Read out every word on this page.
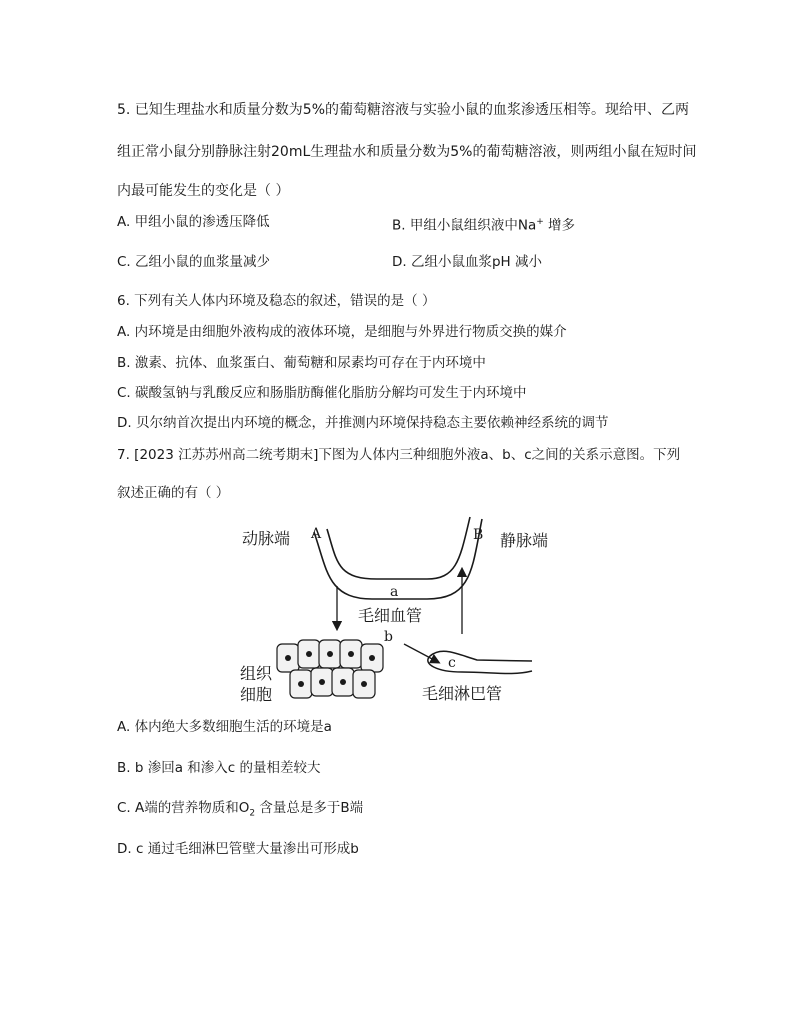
5. 已知生理盐水和质量分数为5%的葡萄糖溶液与实验小鼠的血浆渗透压相等。现给甲、乙两
组正常小鼠分别静脉注射20mL生理盐水和质量分数为5%的葡萄糖溶液，则两组小鼠在短时间
内最可能发生的变化是（ ）
A. 甲组小鼠的渗透压降低	B. 甲组小鼠组织液中Na+ 增多
C. 乙组小鼠的血浆量减少	D. 乙组小鼠血浆pH 减小
6. 下列有关人体内环境及稳态的叙述，错误的是（ ）
A. 内环境是由细胞外液构成的液体环境，是细胞与外界进行物质交换的媒介
B. 激素、抗体、血浆蛋白、葡萄糖和尿素均可存在于内环境中
C. 碳酸氢钠与乳酸反应和肠脂肪酶催化脂肪分解均可发生于内环境中
D. 贝尔纳首次提出内环境的概念，并推测内环境保持稳态主要依赖神经系统的调节
7. [2023 江苏苏州高二统考期末]下图为人体内三种细胞外液a、b、c之间的关系示意图。下列
叙述正确的有（ ）
动脉端 A	B 静脉端
a
毛细血管
b
c
毛细淋巴管
组织
细胞
A. 体内绝大多数细胞生活的环境是a
B. b 渗回a 和渗入c 的量相差较大
C. A端的营养物质和$O_2$ 含量总是多于B端
D. c 通过毛细淋巴管壁大量渗出可形成b
